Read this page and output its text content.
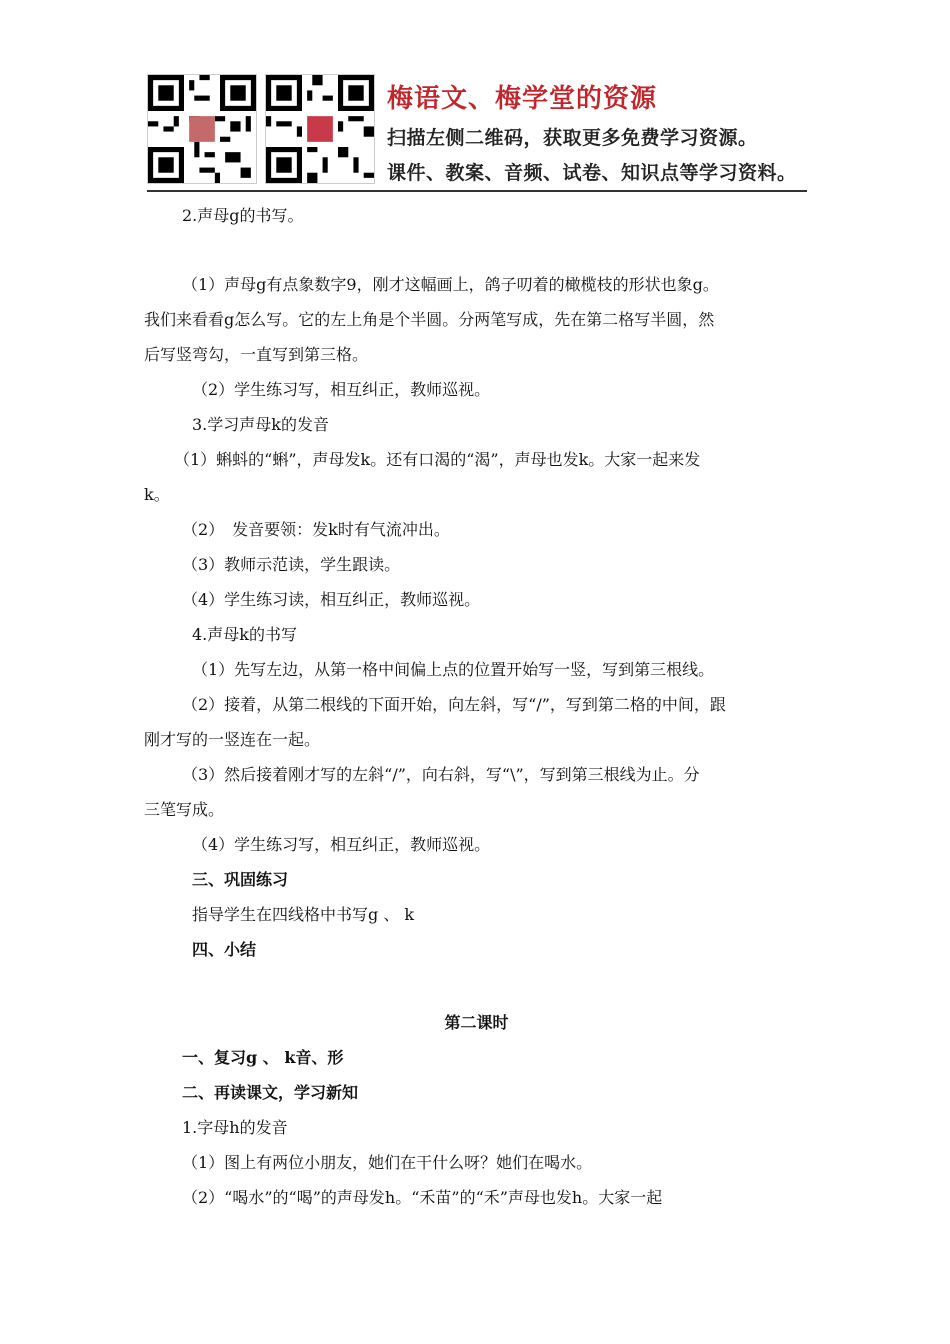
梅语文、梅学堂的资源

扫描左侧二维码，获取更多免费学习资源。

课件、教案、音频、试卷、知识点等学习资料。

2.声母g的书写。

（1）声母g有点象数字9，刚才这幅画上，鸽子叨着的橄榄枝的形状也象g。

我们来看看g怎么写。它的左上角是个半圆。分两笔写成，先在第二格写半圆，然

后写竖弯勾，一直写到第三格。

（2）学生练习写，相互纠正，教师巡视。

3.学习声母k的发音

（1）蝌蚪的“蝌”，声母发k。还有口渴的“渴”，声母也发k。大家一起来发

k。

（2）　发音要领：发k时有气流冲出。

（3）教师示范读，学生跟读。

（4）学生练习读，相互纠正，教师巡视。

4.声母k的书写

（1）先写左边，从第一格中间偏上点的位置开始写一竖，写到第三根线。

（2）接着，从第二根线的下面开始，向左斜，写“/”，写到第二格的中间，跟

刚才写的一竖连在一起。

（3）然后接着刚才写的左斜“/”，向右斜，写“\”，写到第三根线为止。分

三笔写成。

（4）学生练习写，相互纠正，教师巡视。

三、巩固练习

指导学生在四线格中书写g 、 k

四、小结

第二课时

一、复习g 、 k音、形

二、再读课文，学习新知

1.字母h的发音

（1）图上有两位小朋友，她们在干什么呀？她们在喝水。

（2）“喝水”的“喝”的声母发h。“禾苗”的“禾”声母也发h。大家一起
